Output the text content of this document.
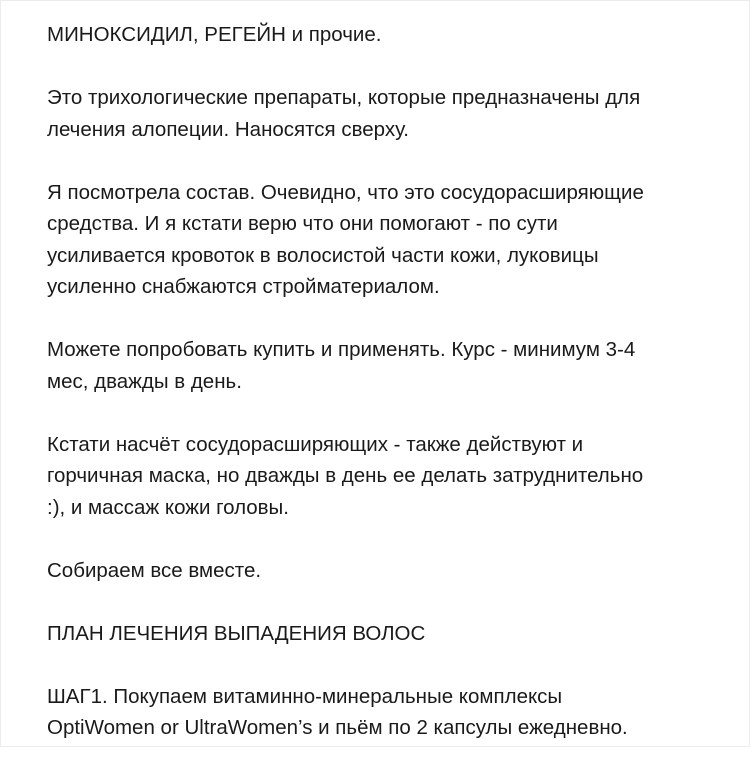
МИНОКСИДИЛ, РЕГЕЙН и прочие.

Это трихологические препараты, которые предназначены для
лечения алопеции. Наносятся сверху.

Я посмотрела состав. Очевидно, что это сосудорасширяющие
средства. И я кстати верю что они помогают - по сути
усиливается кровоток в волосистой части кожи, луковицы
усиленно снабжаются стройматериалом.

Можете попробовать купить и применять. Курс - минимум 3-4
мес, дважды в день.

Кстати насчёт сосудорасширяющих - также действуют и
горчичная маска, но дважды в день ее делать затруднительно
:), и массаж кожи головы.

Собираем все вместе.

ПЛАН ЛЕЧЕНИЯ ВЫПАДЕНИЯ ВОЛОС

ШАГ1. Покупаем витаминно-минеральные комплексы
OptiWomen or UltraWomen’s и пьём по 2 капсулы ежедневно.
